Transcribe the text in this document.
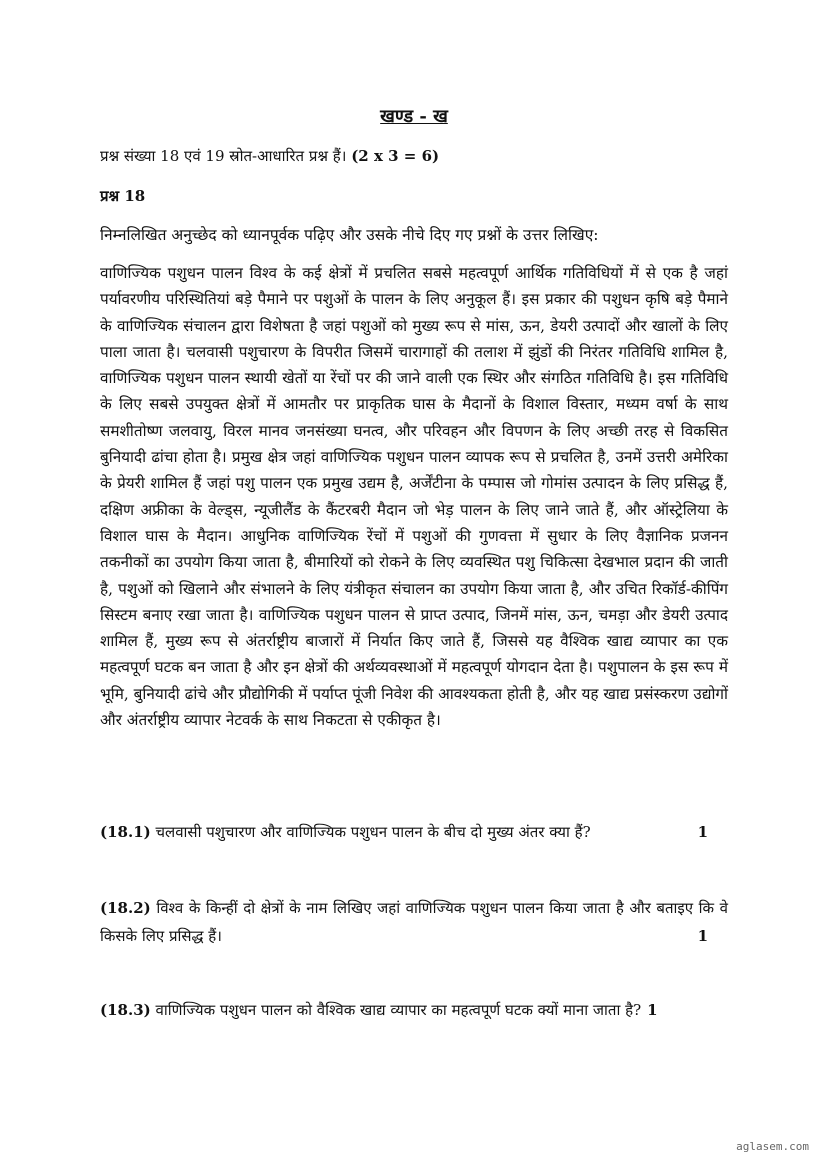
खण्ड - ख
प्रश्न संख्या 18 एवं 19 स्रोत-आधारित प्रश्न हैं। (2 x 3 = 6)
प्रश्न 18
निम्नलिखित अनुच्छेद को ध्यानपूर्वक पढ़िए और उसके नीचे दिए गए प्रश्नों के उत्तर लिखिए:

वाणिज्यिक पशुधन पालन विश्व के कई क्षेत्रों में प्रचलित सबसे महत्वपूर्ण आर्थिक गतिविधियों में से एक है जहां पर्यावरणीय परिस्थितियां बड़े पैमाने पर पशुओं के पालन के लिए अनुकूल हैं। इस प्रकार की पशुधन कृषि बड़े पैमाने के वाणिज्यिक संचालन द्वारा विशेषता है जहां पशुओं को मुख्य रूप से मांस, ऊन, डेयरी उत्पादों और खालों के लिए पाला जाता है। चलवासी पशुचारण के विपरीत जिसमें चारागाहों की तलाश में झुंडों की निरंतर गतिविधि शामिल है, वाणिज्यिक पशुधन पालन स्थायी खेतों या रेंचों पर की जाने वाली एक स्थिर और संगठित गतिविधि है। इस गतिविधि के लिए सबसे उपयुक्त क्षेत्रों में आमतौर पर प्राकृतिक घास के मैदानों के विशाल विस्तार, मध्यम वर्षा के साथ समशीतोष्ण जलवायु, विरल मानव जनसंख्या घनत्व, और परिवहन और विपणन के लिए अच्छी तरह से विकसित बुनियादी ढांचा होता है। प्रमुख क्षेत्र जहां वाणिज्यिक पशुधन पालन व्यापक रूप से प्रचलित है, उनमें उत्तरी अमेरिका के प्रेयरी शामिल हैं जहां पशु पालन एक प्रमुख उद्यम है, अर्जेंटीना के पम्पास जो गोमांस उत्पादन के लिए प्रसिद्ध हैं, दक्षिण अफ्रीका के वेल्ड्स, न्यूजीलैंड के कैंटरबरी मैदान जो भेड़ पालन के लिए जाने जाते हैं, और ऑस्ट्रेलिया के विशाल घास के मैदान। आधुनिक वाणिज्यिक रेंचों में पशुओं की गुणवत्ता में सुधार के लिए वैज्ञानिक प्रजनन तकनीकों का उपयोग किया जाता है, बीमारियों को रोकने के लिए व्यवस्थित पशु चिकित्सा देखभाल प्रदान की जाती है, पशुओं को खिलाने और संभालने के लिए यंत्रीकृत संचालन का उपयोग किया जाता है, और उचित रिकॉर्ड-कीपिंग सिस्टम बनाए रखा जाता है। वाणिज्यिक पशुधन पालन से प्राप्त उत्पाद, जिनमें मांस, ऊन, चमड़ा और डेयरी उत्पाद शामिल हैं, मुख्य रूप से अंतर्राष्ट्रीय बाजारों में निर्यात किए जाते हैं, जिससे यह वैश्विक खाद्य व्यापार का एक महत्वपूर्ण घटक बन जाता है और इन क्षेत्रों की अर्थव्यवस्थाओं में महत्वपूर्ण योगदान देता है। पशुपालन के इस रूप में भूमि, बुनियादी ढांचे और प्रौद्योगिकी में पर्याप्त पूंजी निवेश की आवश्यकता होती है, और यह खाद्य प्रसंस्करण उद्योगों और अंतर्राष्ट्रीय व्यापार नेटवर्क के साथ निकटता से एकीकृत है।

(18.1) चलवासी पशुचारण और वाणिज्यिक पशुधन पालन के बीच दो मुख्य अंतर क्या हैं?	1
(18.2) विश्व के किन्हीं दो क्षेत्रों के नाम लिखिए जहां वाणिज्यिक पशुधन पालन किया जाता है और बताइए कि वे किसके लिए प्रसिद्ध हैं।	1
(18.3) वाणिज्यिक पशुधन पालन को वैश्विक खाद्य व्यापार का महत्वपूर्ण घटक क्यों माना जाता है? 1
aglasem.com
